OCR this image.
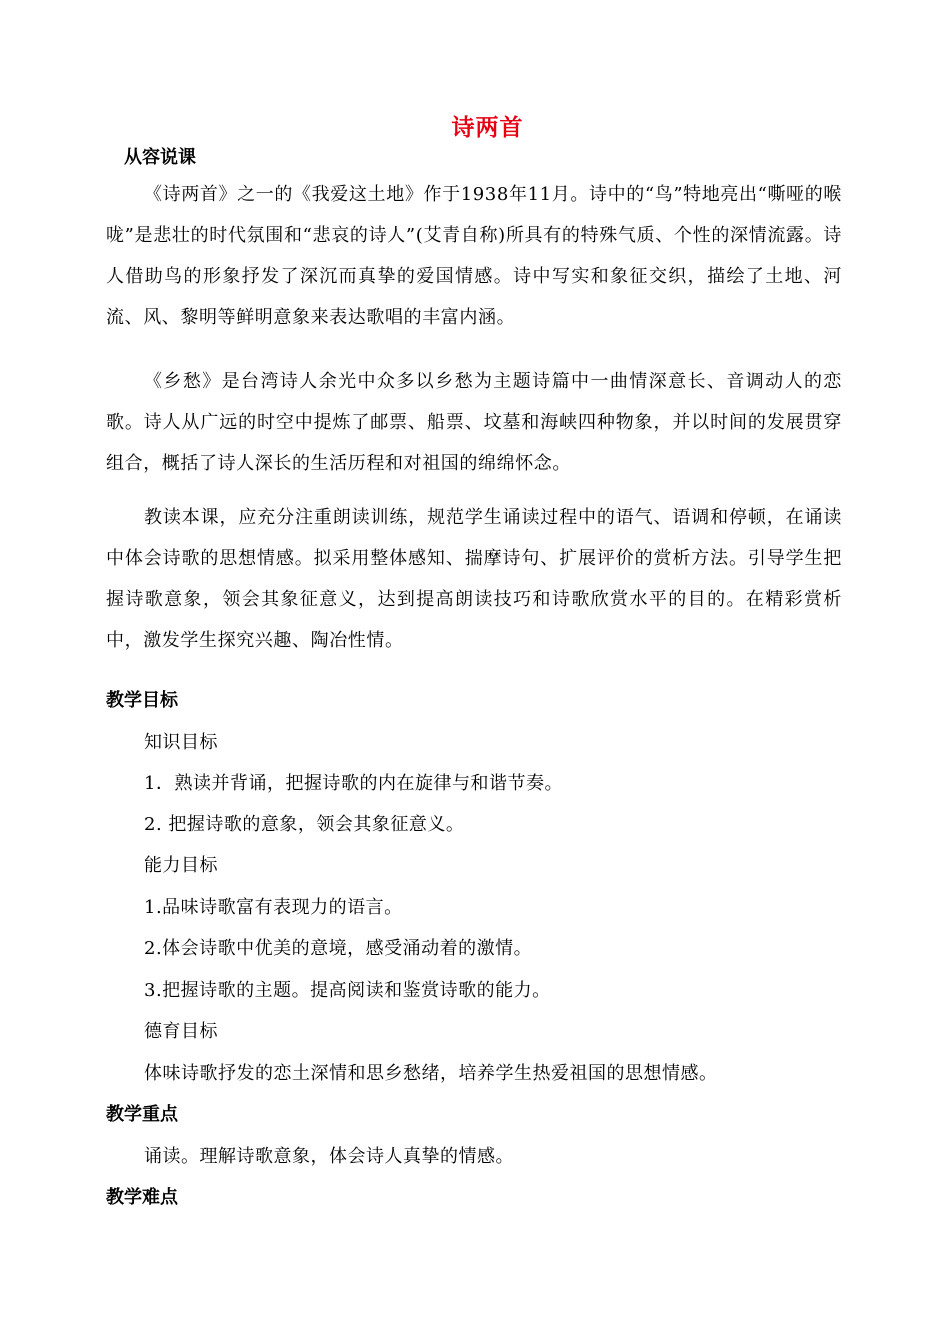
诗两首
从容说课
《诗两首》之一的《我爱这土地》作于1938年11月。诗中的“鸟”特地亮出“嘶哑的喉咙”是悲壮的时代氛围和“悲哀的诗人”(艾青自称)所具有的特殊气质、个性的深情流露。诗人借助鸟的形象抒发了深沉而真挚的爱国情感。诗中写实和象征交织，描绘了土地、河流、风、黎明等鲜明意象来表达歌唱的丰富内涵。
《乡愁》是台湾诗人余光中众多以乡愁为主题诗篇中一曲情深意长、音调动人的恋歌。诗人从广远的时空中提炼了邮票、船票、坟墓和海峡四种物象，并以时间的发展贯穿组合，概括了诗人深长的生活历程和对祖国的绵绵怀念。
教读本课，应充分注重朗读训练，规范学生诵读过程中的语气、语调和停顿，在诵读中体会诗歌的思想情感。拟采用整体感知、揣摩诗句、扩展评价的赏析方法。引导学生把握诗歌意象，领会其象征意义，达到提高朗读技巧和诗歌欣赏水平的目的。在精彩赏析中，激发学生探究兴趣、陶冶性情。
教学目标
知识目标
1．熟读并背诵，把握诗歌的内在旋律与和谐节奏。
2. 把握诗歌的意象，领会其象征意义。
能力目标
1.品味诗歌富有表现力的语言。
2.体会诗歌中优美的意境，感受涌动着的激情。
3.把握诗歌的主题。提高阅读和鉴赏诗歌的能力。
德育目标
体味诗歌抒发的恋土深情和思乡愁绪，培养学生热爱祖国的思想情感。
教学重点
诵读。理解诗歌意象，体会诗人真挚的情感。
教学难点
